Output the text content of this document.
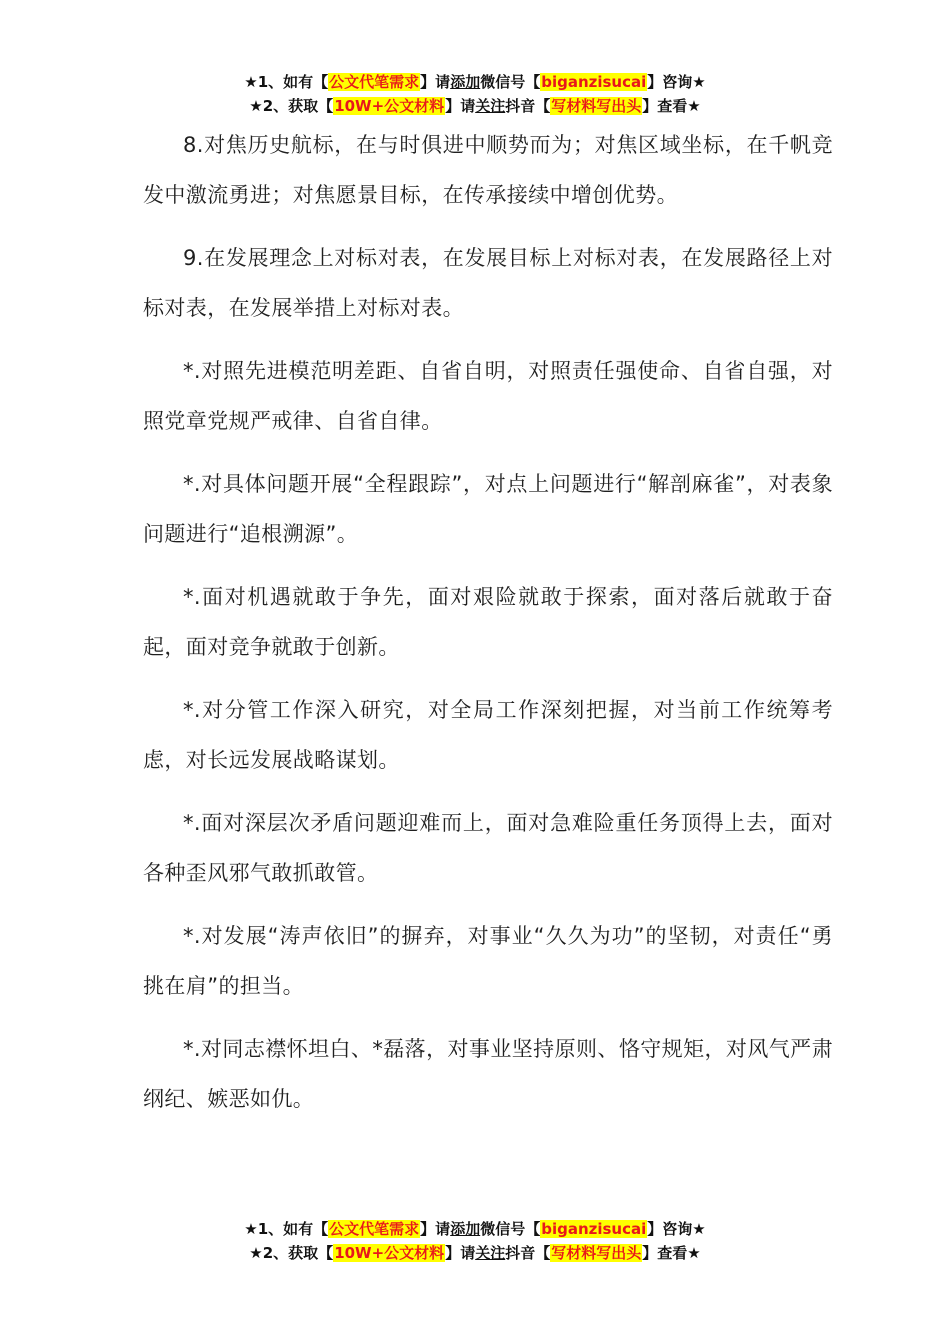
★1、如有【公文代笔需求】请添加微信号【biganzisucai】咨询★
★2、获取【10W+公文材料】请关注抖音【写材料写出头】查看★

8.对焦历史航标，在与时俱进中顺势而为；对焦区域坐标，在千帆竞发中激流勇进；对焦愿景目标，在传承接续中增创优势。

9.在发展理念上对标对表，在发展目标上对标对表，在发展路径上对标对表，在发展举措上对标对表。

*.对照先进模范明差距、自省自明，对照责任强使命、自省自强，对照党章党规严戒律、自省自律。

*.对具体问题开展“全程跟踪”，对点上问题进行“解剖麻雀”，对表象问题进行“追根溯源”。

*.面对机遇就敢于争先，面对艰险就敢于探索，面对落后就敢于奋起，面对竞争就敢于创新。

*.对分管工作深入研究，对全局工作深刻把握，对当前工作统筹考虑，对长远发展战略谋划。

*.面对深层次矛盾问题迎难而上，面对急难险重任务顶得上去，面对各种歪风邪气敢抓敢管。

*.对发展“涛声依旧”的摒弃，对事业“久久为功”的坚韧，对责任“勇挑在肩”的担当。

*.对同志襟怀坦白、*磊落，对事业坚持原则、恪守规矩，对风气严肃纲纪、嫉恶如仇。

★1、如有【公文代笔需求】请添加微信号【biganzisucai】咨询★
★2、获取【10W+公文材料】请关注抖音【写材料写出头】查看★
